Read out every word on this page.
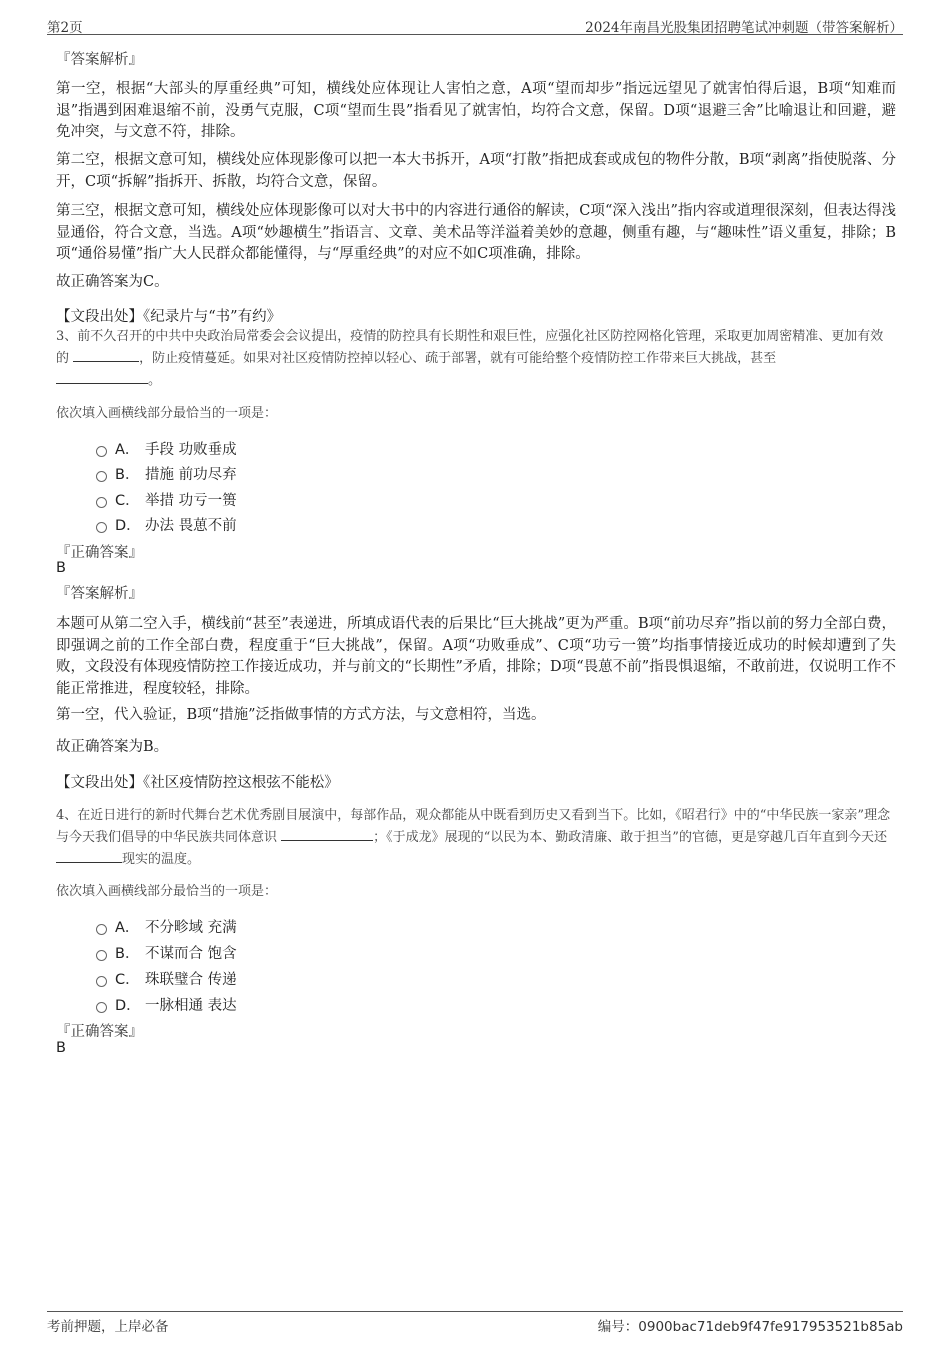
第2页	2024年南昌光股集团招聘笔试冲刺题（带答案解析）
『答案解析』

第一空，根据“大部头的厚重经典”可知，横线处应体现让人害怕之意，A项“望而却步”指远远望见了就害怕得后退，B项“知难而退”指遇到困难退缩不前，没勇气克服，C项“望而生畏”指看见了就害怕，均符合文意，保留。D项“退避三舍”比喻退让和回避，避免冲突，与文意不符，排除。

第二空，根据文意可知，横线处应体现影像可以把一本大书拆开，A项“打散”指把成套或成包的物件分散，B项“剥离”指使脱落、分开，C项“拆解”指拆开、拆散，均符合文意，保留。

第三空，根据文意可知，横线处应体现影像可以对大书中的内容进行通俗的解读，C项“深入浅出”指内容或道理很深刻，但表达得浅显通俗，符合文意，当选。A项“妙趣横生”指语言、文章、美术品等洋溢着美妙的意趣，侧重有趣，与“趣味性”语义重复，排除；B项“通俗易懂”指广大人民群众都能懂得，与“厚重经典”的对应不如C项准确，排除。

故正确答案为C。
【文段出处】《纪录片与“书”有约》

3、前不久召开的中共中央政治局常委会会议提出，疫情的防控具有长期性和艰巨性，应强化社区防控网格化管理，采取更加周密精准、更加有效的	，防止疫情蔓延。如果对社区疫情防控掉以轻心、疏于部署，就有可能给整个疫情防控工作带来巨大挑战，甚至
。

依次填入画横线部分最恰当的一项是：
A． 手段 功败垂成
B． 措施 前功尽弃
C． 举措 功亏一篑
D． 办法 畏葸不前
『正确答案』
B
『答案解析』

本题可从第二空入手，横线前“甚至”表递进，所填成语代表的后果比“巨大挑战”更为严重。B项“前功尽弃”指以前的努力全部白费，即强调之前的工作全部白费，程度重于“巨大挑战”，保留。A项“功败垂成”、C项“功亏一篑”均指事情接近成功的时候却遭到了失败，文段没有体现疫情防控工作接近成功，并与前文的“长期性”矛盾，排除；D项“畏葸不前”指畏惧退缩，不敢前进，仅说明工作不能正常推进，程度较轻，排除。

第一空，代入验证，B项“措施”泛指做事情的方式方法，与文意相符，当选。

故正确答案为B。
【文段出处】《社区疫情防控这根弦不能松》

4、在近日进行的新时代舞台艺术优秀剧目展演中，每部作品，观众都能从中既看到历史又看到当下。比如，《昭君行》中的“中华民族一家亲”理念与今天我们倡导的中华民族共同体意识	；《于成龙》展现的“以民为本、勤政清廉、敢于担当”的官德，更是穿越几百年直到今天还 现实的温度。

依次填入画横线部分最恰当的一项是：
A． 不分畛域 充满
B． 不谋而合 饱含
C． 珠联璧合 传递
D． 一脉相通 表达
『正确答案』
B
考前押题，上岸必备	编号：0900bac71deb9f47fe917953521b85ab
